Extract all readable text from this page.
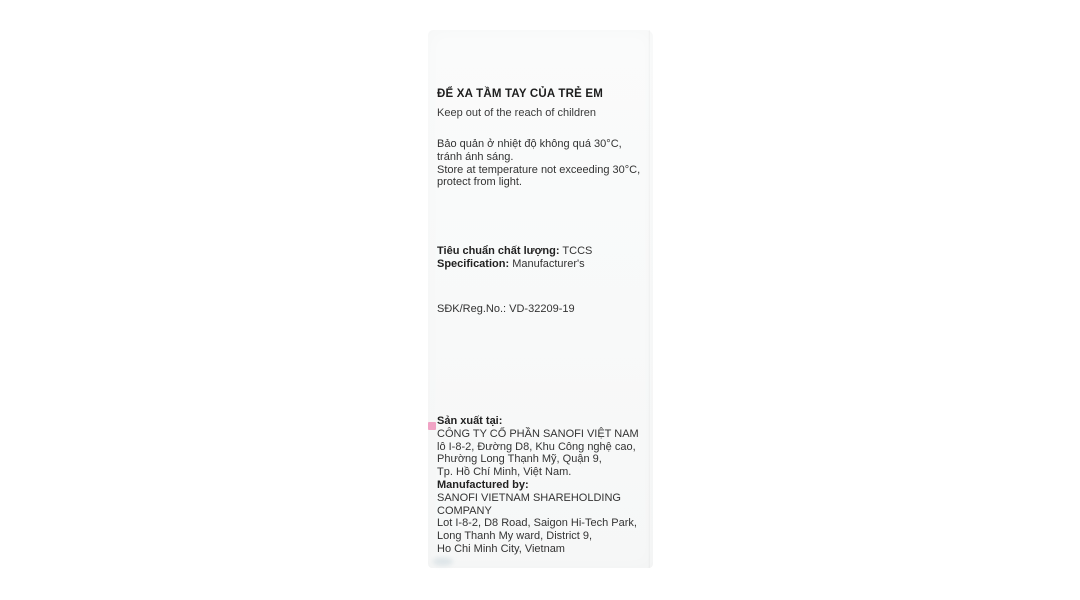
ĐỂ XA TẦM TAY CỦA TRẺ EM
Keep out of the reach of children
Bảo quản ở nhiệt độ không quá 30°C,
tránh ánh sáng.
Store at temperature not exceeding 30°C,
protect from light.
Tiêu chuẩn chất lượng: TCCS
Specification: Manufacturer's
SĐK/Reg.No.: VD-32209-19
Sản xuất tại:
CÔNG TY CỔ PHẦN SANOFI VIỆT NAM
lô I-8-2, Đường D8, Khu Công nghệ cao,
Phường Long Thạnh Mỹ, Quận 9,
Tp. Hồ Chí Minh, Việt Nam.
Manufactured by:
SANOFI VIETNAM SHAREHOLDING
COMPANY
Lot I-8-2, D8 Road, Saigon Hi-Tech Park,
Long Thanh My ward, District 9,
Ho Chi Minh City, Vietnam
